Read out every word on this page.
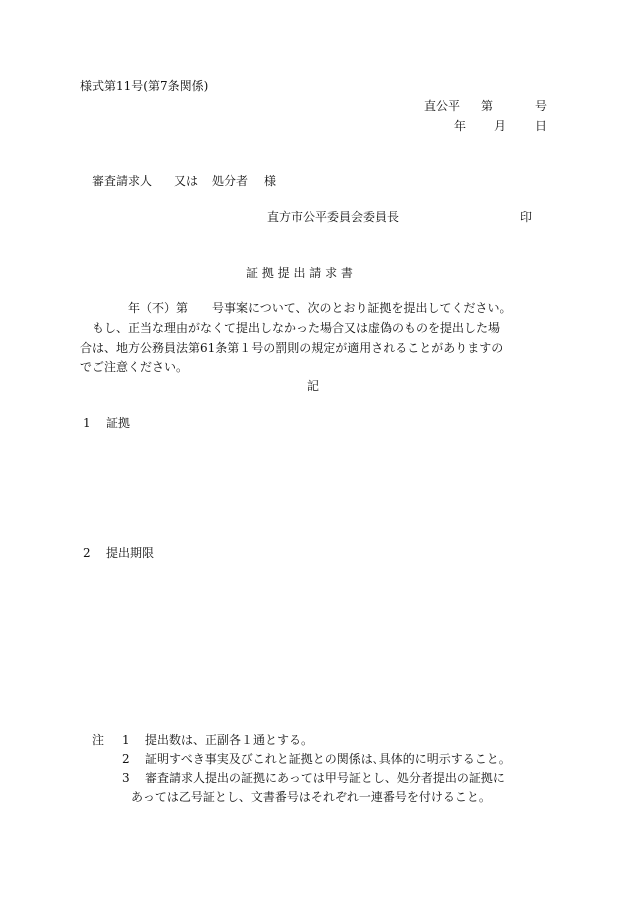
様式第11号(第7条関係)
直公平 第	号
年 月 日
審査請求人 又は 処分者 様
直方市公平委員会委員長	印
証 拠 提 出 請 求 書
年（不）第　　号事案について、次のとおり証拠を提出してください。
もし、正当な理由がなくて提出しなかった場合又は虚偽のものを提出した場
合は、地方公務員法第61条第１号の罰則の規定が適用されることがありますの
でご注意ください。
記
1 証拠
2 提出期限
注 1 提出数は、正副各１通とする。
2 証明すべき事実及びこれと証拠との関係は､具体的に明示すること。
3 審査請求人提出の証拠にあっては甲号証とし、処分者提出の証拠に
あっては乙号証とし、文書番号はそれぞれ一連番号を付けること。
